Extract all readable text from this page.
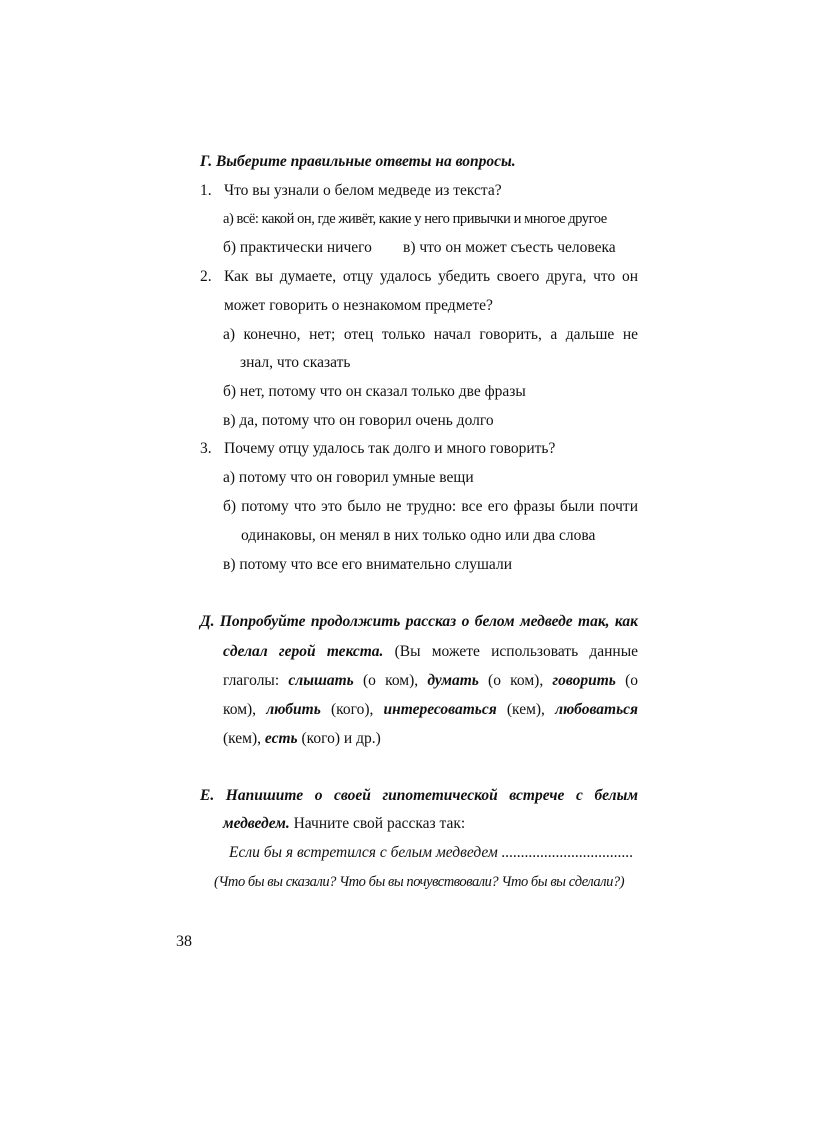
Г. Выберите правильные ответы на вопросы.
1. Что вы узнали о белом медведе из текста?
а) всё: какой он, где живёт, какие у него привычки и многое другое
б) практически ничего в) что он может съесть человека
2. Как вы думаете, отцу удалось убедить своего друга, что он
может говорить о незнакомом предмете?
а) конечно, нет; отец только начал говорить, а дальше не
знал, что сказать
б) нет, потому что он сказал только две фразы
в) да, потому что он говорил очень долго
3. Почему отцу удалось так долго и много говорить?
а) потому что он говорил умные вещи
б) потому что это было не трудно: все его фразы были почти
одинаковы, он менял в них только одно или два слова
в) потому что все его внимательно слушали
Д. Попробуйте продолжить рассказ о белом медведе так, как
сделал герой текста. (Вы можете использовать данные
глаголы: слышать (о ком), думать (о ком), говорить (о
ком), любить (кого), интересоваться (кем), любоваться
(кем), есть (кого) и др.)
Е. Напишите о своей гипотетической встрече с белым
медведем. Начните свой рассказ так:
Если бы я встретился с белым медведем ..................................
(Что бы вы сказали? Что бы вы почувствовали? Что бы вы сделали?)
38
